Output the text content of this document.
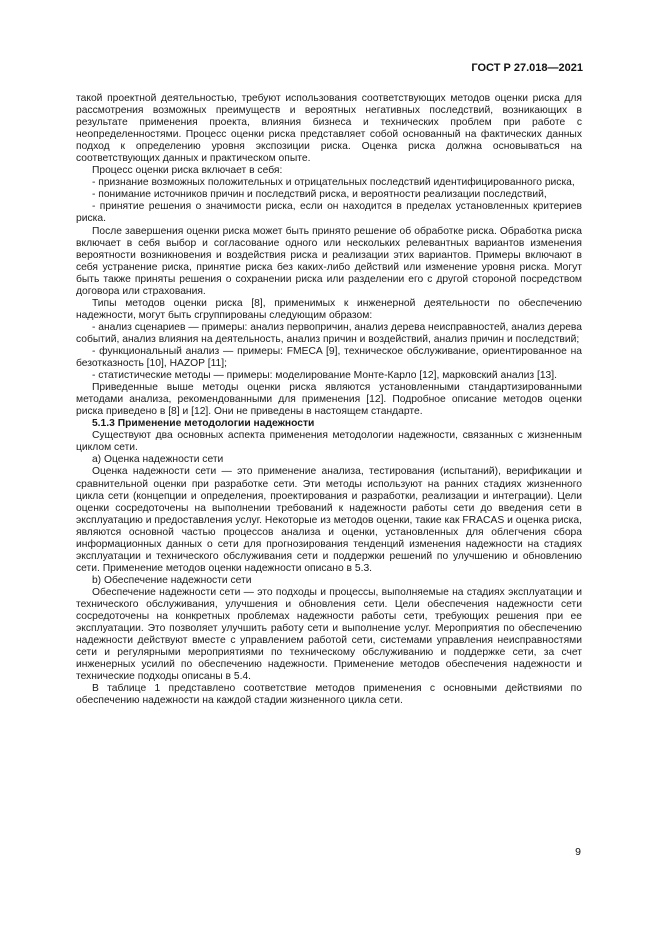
ГОСТ Р 27.018—2021

такой проектной деятельностью, требуют использования соответствующих методов оценки риска для рассмотрения возможных преимуществ и вероятных негативных последствий, возникающих в результате применения проекта, влияния бизнеса и технических проблем при работе с неопределенностями. Процесс оценки риска представляет собой основанный на фактических данных подход к определению уровня экспозиции риска. Оценка риска должна основываться на соответствующих данных и практическом опыте.

Процесс оценки риска включает в себя:

- признание возможных положительных и отрицательных последствий идентифицированного риска,

- понимание источников причин и последствий риска, и вероятности реализации последствий,

- принятие решения о значимости риска, если он находится в пределах установленных критериев риска.

После завершения оценки риска может быть принято решение об обработке риска. Обработка риска включает в себя выбор и согласование одного или нескольких релевантных вариантов изменения вероятности возникновения и воздействия риска и реализации этих вариантов. Примеры включают в себя устранение риска, принятие риска без каких-либо действий или изменение уровня риска. Могут быть также приняты решения о сохранении риска или разделении его с другой стороной посредством договора или страхования.

Типы методов оценки риска [8], применимых к инженерной деятельности по обеспечению надежности, могут быть сгруппированы следующим образом:

- анализ сценариев — примеры: анализ первопричин, анализ дерева неисправностей, анализ дерева событий, анализ влияния на деятельность, анализ причин и воздействий, анализ причин и последствий;

- функциональный анализ — примеры: FMECA [9], техническое обслуживание, ориентированное на безотказность [10], HAZOP [11];

- статистические методы — примеры: моделирование Монте-Карло [12], марковский анализ [13].

Приведенные выше методы оценки риска являются установленными стандартизированными методами анализа, рекомендованными для применения [12]. Подробное описание методов оценки риска приведено в [8] и [12]. Они не приведены в настоящем стандарте.

5.1.3 Применение методологии надежности

Существуют два основных аспекта применения методологии надежности, связанных с жизненным циклом сети.

а) Оценка надежности сети

Оценка надежности сети — это применение анализа, тестирования (испытаний), верификации и сравнительной оценки при разработке сети. Эти методы используют на ранних стадиях жизненного цикла сети (концепции и определения, проектирования и разработки, реализации и интеграции). Цели оценки сосредоточены на выполнении требований к надежности работы сети до введения сети в эксплуатацию и предоставления услуг. Некоторые из методов оценки, такие как FRACAS и оценка риска, являются основной частью процессов анализа и оценки, установленных для облегчения сбора информационных данных о сети для прогнозирования тенденций изменения надежности на стадиях эксплуатации и технического обслуживания сети и поддержки решений по улучшению и обновлению сети. Применение методов оценки надежности описано в 5.3.

b) Обеспечение надежности сети

Обеспечение надежности сети — это подходы и процессы, выполняемые на стадиях эксплуатации и технического обслуживания, улучшения и обновления сети. Цели обеспечения надежности сети сосредоточены на конкретных проблемах надежности работы сети, требующих решения при ее эксплуатации. Это позволяет улучшить работу сети и выполнение услуг. Мероприятия по обеспечению надежности действуют вместе с управлением работой сети, системами управления неисправностями сети и регулярными мероприятиями по техническому обслуживанию и поддержке сети, за счет инженерных усилий по обеспечению надежности. Применение методов обеспечения надежности и технические подходы описаны в 5.4.

В таблице 1 представлено соответствие методов применения с основными действиями по обеспечению надежности на каждой стадии жизненного цикла сети.

9
